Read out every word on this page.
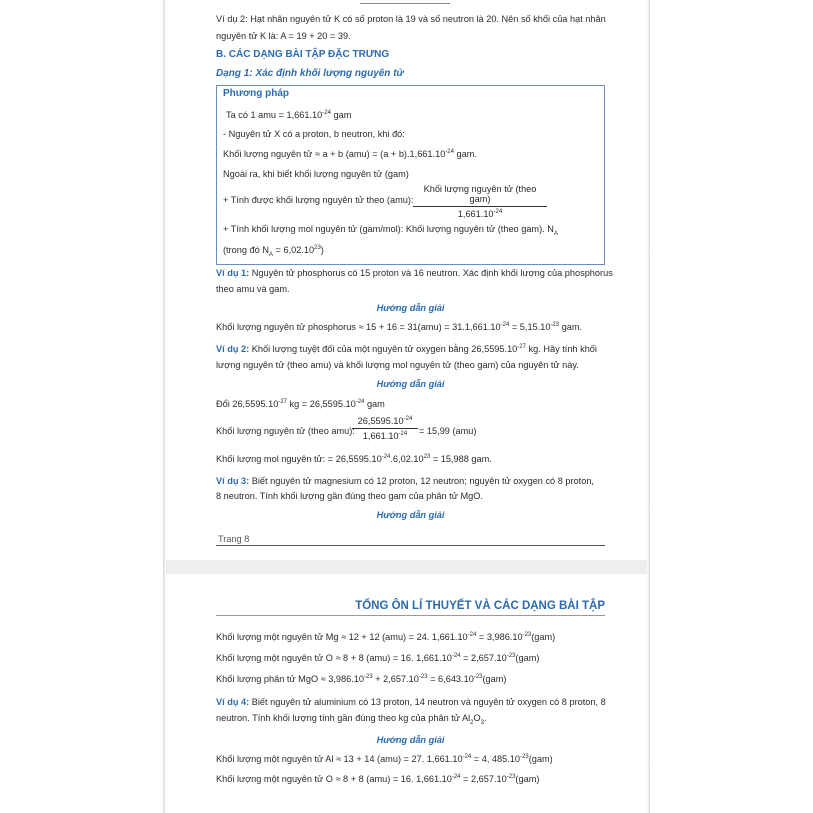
Ví dụ 2: Hạt nhân nguyên tử K có số proton là 19 và số neutron là 20. Nên số khối của hạt nhân
nguyên tử K là: A = 19 + 20 = 39.
B. CÁC DẠNG BÀI TẬP ĐẶC TRƯNG
Dạng 1: Xác định khối lượng nguyên tử
Phương pháp
Ta có 1 amu = $1,661.10^{-24}$ gam
- Nguyên tử X có a proton, b neutron, khi đó:
Khối lượng nguyên tử ≈ a + b $(amu) = (a + b).1,661.10^{-24}$ gam.
Ngoài ra, khi biết khối lượng nguyên tử (gam)
+ Tính được khối lượng nguyên tử theo (amu):
Khối lượng nguyên tử (theo gam)
$1,661.10^{-24}$
+ Tính khối lượng mol nguyên tử (gam/mol): Khối lượng nguyên tử (theo gam). $N_A$
(trong đó $N_A = 6,02.10^{23}$)
Ví dụ 1: Nguyên tử phosphorus có 15 proton và 16 neutron. Xác định khối lượng của phosphorus
theo amu và gam.
Hướng dẫn giải
Khối lượng nguyên tử phosphorus ≈ $15 + 16 = 31(amu) = 31.1,661.10^{-24} = 5,15.10^{-23}$ gam.
Ví dụ 2: Khối lượng tuyệt đối của một nguyên tử oxygen bằng $26,5595.10^{-27}$ kg. Hãy tính khối
lượng nguyên tử (theo amu) và khối lượng mol nguyên tử (theo gam) của nguyên tử này.
Hướng dẫn giải
Đổi $26,5595.10^{-27}$ kg = $26,5595.10^{-24}$ gam
Khối lượng nguyên tử (theo amu):
$26,5595.10^{-24}$
$1,661.10^{-24}$	= 15,99 (amu)
Khối lượng mol nguyên tử: = $26,5595.10^{-24}.6,02.10^{23} = 15,988$ gam.
Ví dụ 3: Biết nguyên tử magnesium có 12 proton, 12 neutron; nguyên tử oxygen có 8 proton,
8 neutron. Tính khối lượng gần đúng theo gam của phân tử MgO.
Hướng dẫn giải
Trang 8
TỔNG ÔN LÍ THUYẾT VÀ CÁC DẠNG BÀI TẬP
Khối lượng một nguyên tử Mg ≈ 12 + 12 (amu) = 24. $1,661.10^{-24} = 3,986.10^{-23}(gam)$
Khối lượng một nguyên tử O ≈ 8 + 8 (amu) = 16. $1,661.10^{-24} = 2,657.10^{-23}(gam)$
Khối lượng phân tử MgO ≈ $3,986.10^{-23} + 2,657.10^{-23} = 6,643.10^{-23}(gam)$
Ví dụ 4: Biết nguyên tử aluminium có 13 proton, 14 neutron và nguyên tử oxygen có 8 proton, 8
neutron. Tính khối lượng tính gần đúng theo kg của phân tử $Al_2O_3$.
Hướng dẫn giải
Khối lượng một nguyên tử Al ≈ 13 + 14 (amu) = 27. $1,661.10^{-24} = 4$, $485.10^{-23}(gam)$
Khối lượng một nguyên tử O ≈ 8 + 8 (amu) = 16. $1,661.10^{-24} = 2,657.10^{-23}(gam)$
